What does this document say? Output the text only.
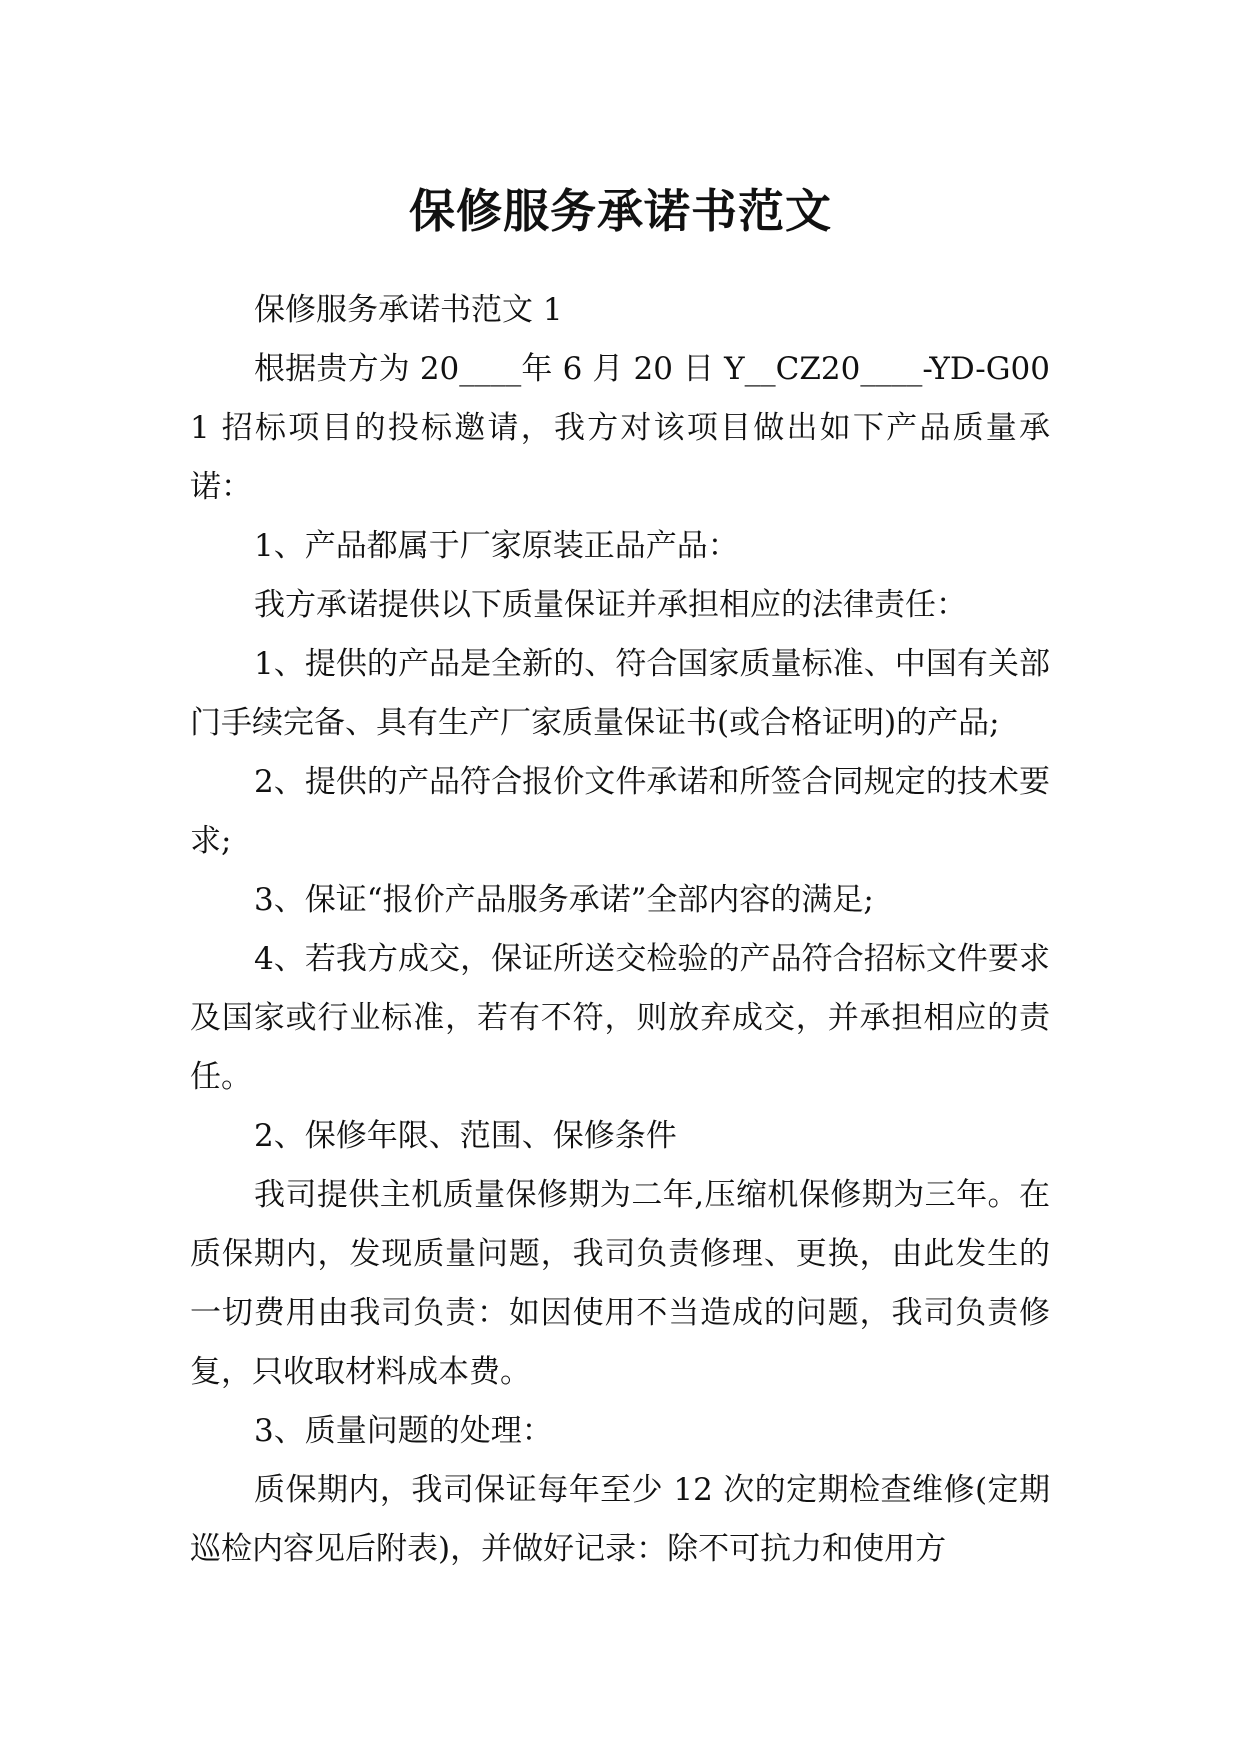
保修服务承诺书范文

保修服务承诺书范文 1

根据贵方为 20____年 6 月 20 日 Y__CZ20____-YD-G001 招标项目的投标邀请，我方对该项目做出如下产品质量承诺：

1、产品都属于厂家原装正品产品：

我方承诺提供以下质量保证并承担相应的法律责任：

1、提供的产品是全新的、符合国家质量标准、中国有关部门手续完备、具有生产厂家质量保证书(或合格证明)的产品;

2、提供的产品符合报价文件承诺和所签合同规定的技术要求;

3、保证“报价产品服务承诺”全部内容的满足;

4、若我方成交，保证所送交检验的产品符合招标文件要求及国家或行业标准，若有不符，则放弃成交，并承担相应的责任。

2、保修年限、范围、保修条件

我司提供主机质量保修期为二年,压缩机保修期为三年。在质保期内，发现质量问题，我司负责修理、更换，由此发生的一切费用由我司负责：如因使用不当造成的问题，我司负责修复，只收取材料成本费。

3、质量问题的处理：

质保期内，我司保证每年至少 12 次的定期检查维修(定期巡检内容见后附表)，并做好记录：除不可抗力和使用方
